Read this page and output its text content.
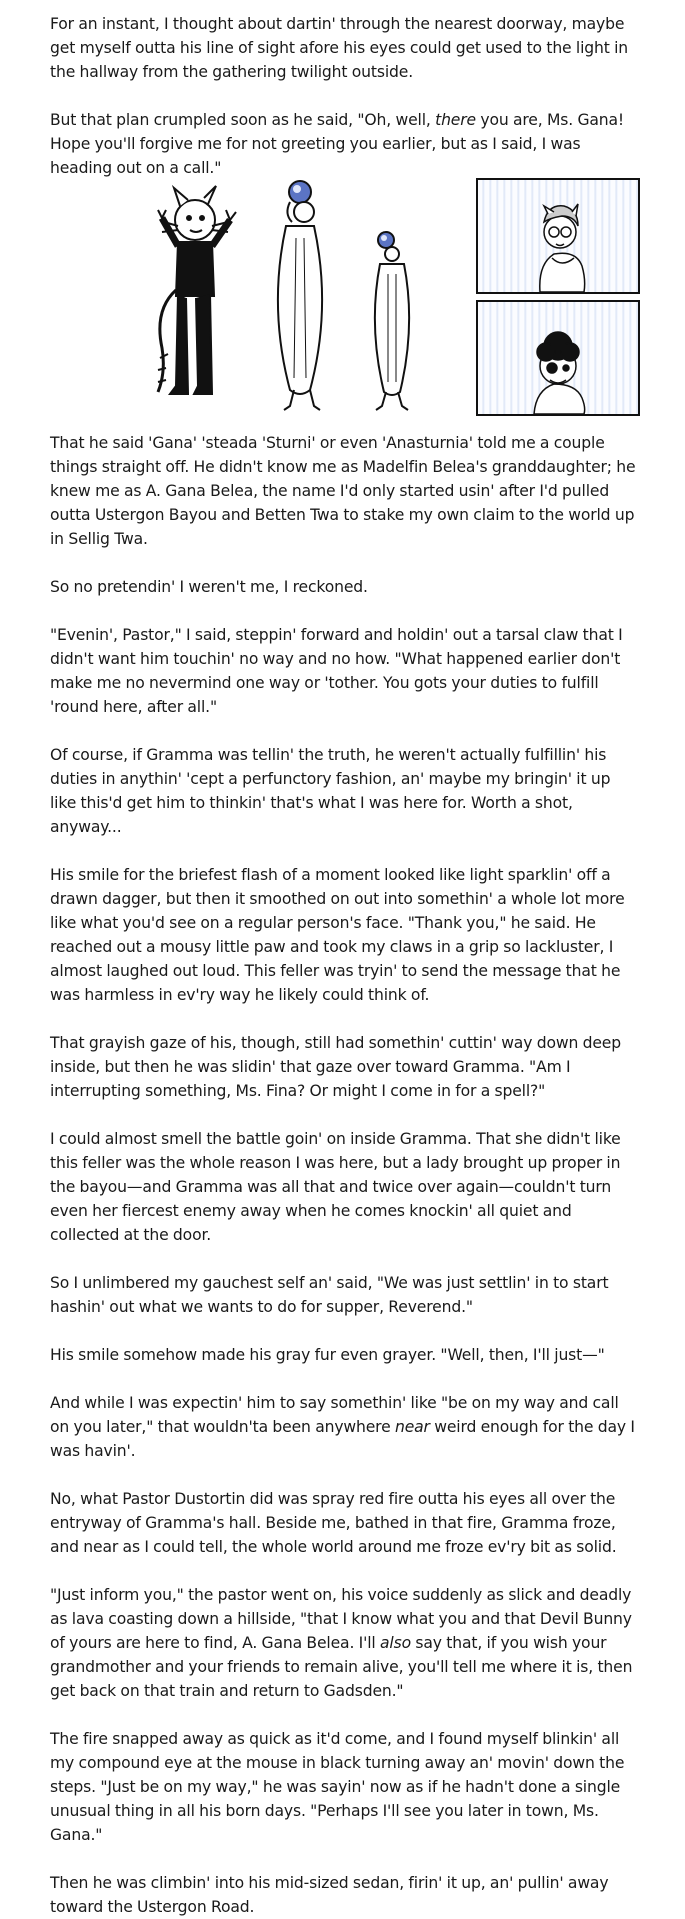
For an instant, I thought about dartin' through the nearest doorway, maybe get myself outta his line of sight afore his eyes could get used to the light in the hallway from the gathering twilight outside.

But that plan crumpled soon as he said, "Oh, well, there you are, Ms. Gana! Hope you'll forgive me for not greeting you earlier, but as I said, I was heading out on a call."

That he said 'Gana' 'steada 'Sturni' or even 'Anasturnia' told me a couple things straight off. He didn't know me as Madelfin Belea's granddaughter; he knew me as A. Gana Belea, the name I'd only started usin' after I'd pulled outta Ustergon Bayou and Betten Twa to stake my own claim to the world up in Sellig Twa.

So no pretendin' I weren't me, I reckoned.

"Evenin', Pastor," I said, steppin' forward and holdin' out a tarsal claw that I didn't want him touchin' no way and no how. "What happened earlier don't make me no nevermind one way or 'tother. You gots your duties to fulfill 'round here, after all."

Of course, if Gramma was tellin' the truth, he weren't actually fulfillin' his duties in anythin' 'cept a perfunctory fashion, an' maybe my bringin' it up like this'd get him to thinkin' that's what I was here for. Worth a shot, anyway...

His smile for the briefest flash of a moment looked like light sparklin' off a drawn dagger, but then it smoothed on out into somethin' a whole lot more like what you'd see on a regular person's face. "Thank you," he said. He reached out a mousy little paw and took my claws in a grip so lackluster, I almost laughed out loud. This feller was tryin' to send the message that he was harmless in ev'ry way he likely could think of.

That grayish gaze of his, though, still had somethin' cuttin' way down deep inside, but then he was slidin' that gaze over toward Gramma. "Am I interrupting something, Ms. Fina? Or might I come in for a spell?"

I could almost smell the battle goin' on inside Gramma. That she didn't like this feller was the whole reason I was here, but a lady brought up proper in the bayou—and Gramma was all that and twice over again—couldn't turn even her fiercest enemy away when he comes knockin' all quiet and collected at the door.

So I unlimbered my gauchest self an' said, "We was just settlin' in to start hashin' out what we wants to do for supper, Reverend."

His smile somehow made his gray fur even grayer. "Well, then, I'll just—"

And while I was expectin' him to say somethin' like "be on my way and call on you later," that wouldn'ta been anywhere near weird enough for the day I was havin'.

No, what Pastor Dustortin did was spray red fire outta his eyes all over the entryway of Gramma's hall. Beside me, bathed in that fire, Gramma froze, and near as I could tell, the whole world around me froze ev'ry bit as solid.

"Just inform you," the pastor went on, his voice suddenly as slick and deadly as lava coasting down a hillside, "that I know what you and that Devil Bunny of yours are here to find, A. Gana Belea. I'll also say that, if you wish your grandmother and your friends to remain alive, you'll tell me where it is, then get back on that train and return to Gadsden."

The fire snapped away as quick as it'd come, and I found myself blinkin' all my compound eye at the mouse in black turning away an' movin' down the steps. "Just be on my way," he was sayin' now as if he hadn't done a single unusual thing in all his born days. "Perhaps I'll see you later in town, Ms. Gana."

Then he was climbin' into his mid-sized sedan, firin' it up, an' pullin' away toward the Ustergon Road.
